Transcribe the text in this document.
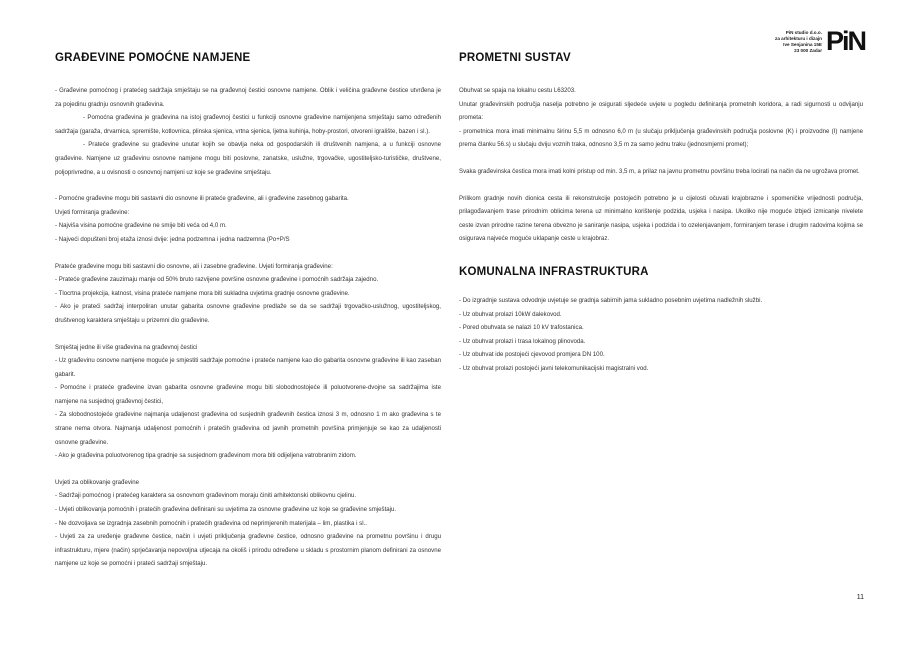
PiN studio d.o.o.
za arhitekturu i dizajn
Ive Senjanina 15E
23 000 Zadar PiN
GRAĐEVINE POMOĆNE NAMJENE

- Građevine pomoćnog i pratećeg sadržaja smještaju se na građevnoj čestici osnovne namjene. Oblik i veličina građevne čestice utvrđena je za pojedinu gradnju osnovnih građevina.

- Pomoćna građevina je građevina na istoj građevnoj čestici u funkciji osnovne građevine namijenjena smještaju samo određenih sadržaja (garaža, drvarnica, spremište, kotlovnica, plinska sjenica, vrtna sjenica, ljetna kuhinja, hoby-prostori, otvoreni igralište, bazen i sl.).

- Prateće građevine su građevine unutar kojih se obavlja neka od gospodarskih ili društvenih namjena, a u funkciji osnovne građevine. Namjene uz građevinu osnovne namjene mogu biti poslovne, zanatske, uslužne, trgovačke, ugostiteljsko-turističke, društvene, poljoprivredne, a u ovisnosti o osnovnoj namjeni uz koje se građevine smještaju.

- Pomoćne građevine mogu biti sastavni dio osnovne ili prateće građevine, ali i građevine zasebnog gabarita.

Uvjeti formiranja građevine:

- Najviša visina pomoćne građevine ne smije biti veća od 4,0 m.

- Najveći dopušteni broj etaža iznosi dvije: jedna podzemna i jedna nadzemna (Po+P/S

Prateće građevine mogu biti sastavni dio osnovne, ali i zasebne građevine. Uvjeti formiranja građevine:

- Prateće građevine zauzimaju manje od 50% bruto razvijene površine osnovne građevine i pomoćnih sadržaja zajedno.

- Tlocrtna projekcija, katnost, visina prateće namjene mora biti sukladna uvjetima gradnje osnovne građevine.

- Ako je prateći sadržaj interpoliran unutar gabarita osnovne građevine predlaže se da se sadržaji trgovačko-uslužnog, ugostiteljskog, društvenog karaktera smještaju u prizemni dio građevine.

Smještaj jedne ili više građevina na građevnoj čestici

- Uz građevinu osnovne namjene moguće je smjestiti sadržaje pomoćne i prateće namjene kao dio gabarita osnovne građevine ili kao zaseban gabarit.

- Pomoćne i prateće građevine izvan gabarita osnovne građevine mogu biti slobodnostojeće ili poluotvorene-dvojne sa sadržajima iste namjene na susjednoj građevnoj čestici,

- Za slobodnostojeće građevine najmanja udaljenost građevina od susjednih građevnih čestica iznosi 3 m, odnosno 1 m ako građevina s te strane nema otvora. Najmanja udaljenost pomoćnih i pratećih građevina od javnih prometnih površina primjenjuje se kao za udaljenosti osnovne građevine.

- Ako je građevina poluotvorenog tipa gradnje sa susjednom građevinom mora biti odijeljena vatrobranim zidom.

Uvjeti za oblikovanje građevine

- Sadržaji pomoćnog i pratećeg karaktera sa osnovnom građevinom moraju činiti arhitektonski oblikovnu cjelinu.

- Uvjeti oblikovanja pomoćnih i pratećih građevina definirani su uvjetima za osnovne građevine uz koje se građevine smještaju.

- Ne dozvoljava se izgradnja zasebnih pomoćnih i pratećih građevina od neprimjerenih materijala – lim, plastika i sl..

- Uvjeti za za uređenje građevne čestice, način i uvjeti priključenja građevne čestice, odnosno građevine na prometnu površinu i drugu infrastrukturu, mjere (način) sprječavanja nepovoljna utjecaja na okoliš i prirodu određene u skladu s prostornim planom definirani za osnovne namjene uz koje se pomoćni i prateći sadržaji smještaju.

PROMETNI SUSTAV

Obuhvat se spaja na lokalnu cestu L63203.

Unutar građevinskih područja naselja potrebno je osigurati sljedeće uvjete u pogledu definiranja prometnih koridora, a radi sigurnosti u odvijanju prometa:

- prometnica mora imati minimalnu širinu 5,5 m odnosno 6,0 m (u slučaju priključenja građevinskih područja poslovne (K) i proizvodne (I) namjene prema članku 56.s) u slučaju dviju voznih traka, odnosno 3,5 m za samo jednu traku (jednosmjerni promet);

Svaka građevinska čestica mora imati kolni pristup od min. 3,5 m, a prilaz na javnu prometnu površinu treba locirati na način da ne ugrožava promet.

Prilikom gradnje novih dionica cesta ili rekonstrukcije postojećih potrebno je u cijelosti očuvati krajobrazne i spomeničke vrijednosti područja, prilagođavanjem trase prirodnim oblicima terena uz minimalno korištenje podzida, usjeka i nasipa. Ukoliko nije moguće izbjeći izmicanje nivelete ceste izvan prirodne razine terena obvezno je saniranje nasipa, usjeka i podzida i to ozelenjavanjem, formiranjem terase i drugim radovima kojima se osigurava najveće moguće uklapanje ceste u krajobraz.

KOMUNALNA INFRASTRUKTURA

- Do izgradnje sustava odvodnje uvjetuje se gradnja sabirnih jama sukladno posebnim uvjetima nadležnih službi.

- Uz obuhvat prolazi 10kW dalekovod.

- Pored obuhvata se nalazi 10 kV trafostanica.

- Uz obuhvat prolazi i trasa lokalnog plinovoda.

- Uz obuhvat ide postojeći cjevovod promjera DN 100.

- Uz obuhvat prolazi postojeći javni telekomunikacijski magistralni vod.

11
